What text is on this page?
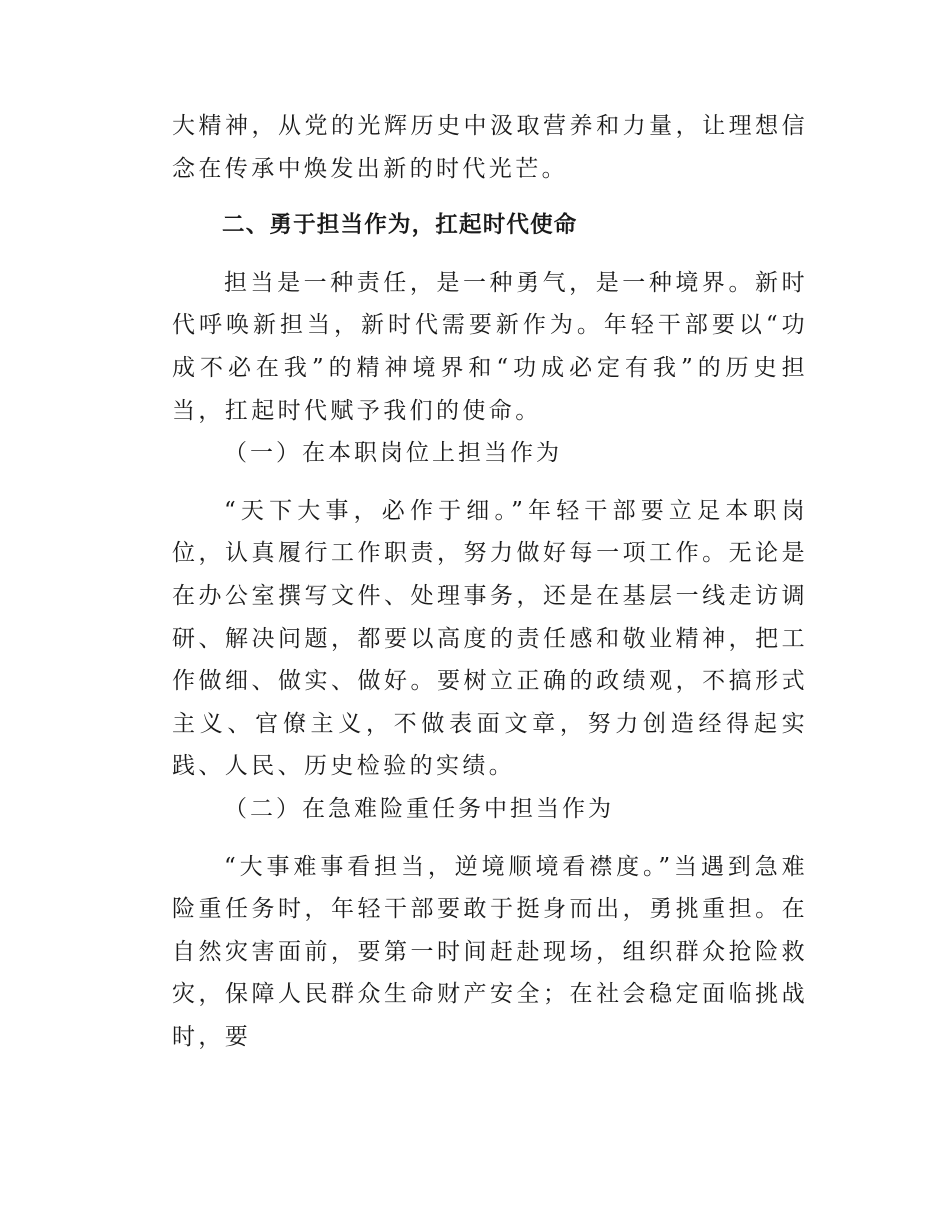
大精神，从党的光辉历史中汲取营养和力量，让理想信念在传承中焕发出新的时代光芒。

二、勇于担当作为，扛起时代使命

担当是一种责任，是一种勇气，是一种境界。新时代呼唤新担当，新时代需要新作为。年轻干部要以“功成不必在我”的精神境界和“功成必定有我”的历史担当，扛起时代赋予我们的使命。

（一）在本职岗位上担当作为

“天下大事，必作于细。”年轻干部要立足本职岗位，认真履行工作职责，努力做好每一项工作。无论是在办公室撰写文件、处理事务，还是在基层一线走访调研、解决问题，都要以高度的责任感和敬业精神，把工作做细、做实、做好。要树立正确的政绩观，不搞形式主义、官僚主义，不做表面文章，努力创造经得起实践、人民、历史检验的实绩。

（二）在急难险重任务中担当作为

“大事难事看担当，逆境顺境看襟度。”当遇到急难险重任务时，年轻干部要敢于挺身而出，勇挑重担。在自然灾害面前，要第一时间赶赴现场，组织群众抢险救灾，保障人民群众生命财产安全；在社会稳定面临挑战时，要
